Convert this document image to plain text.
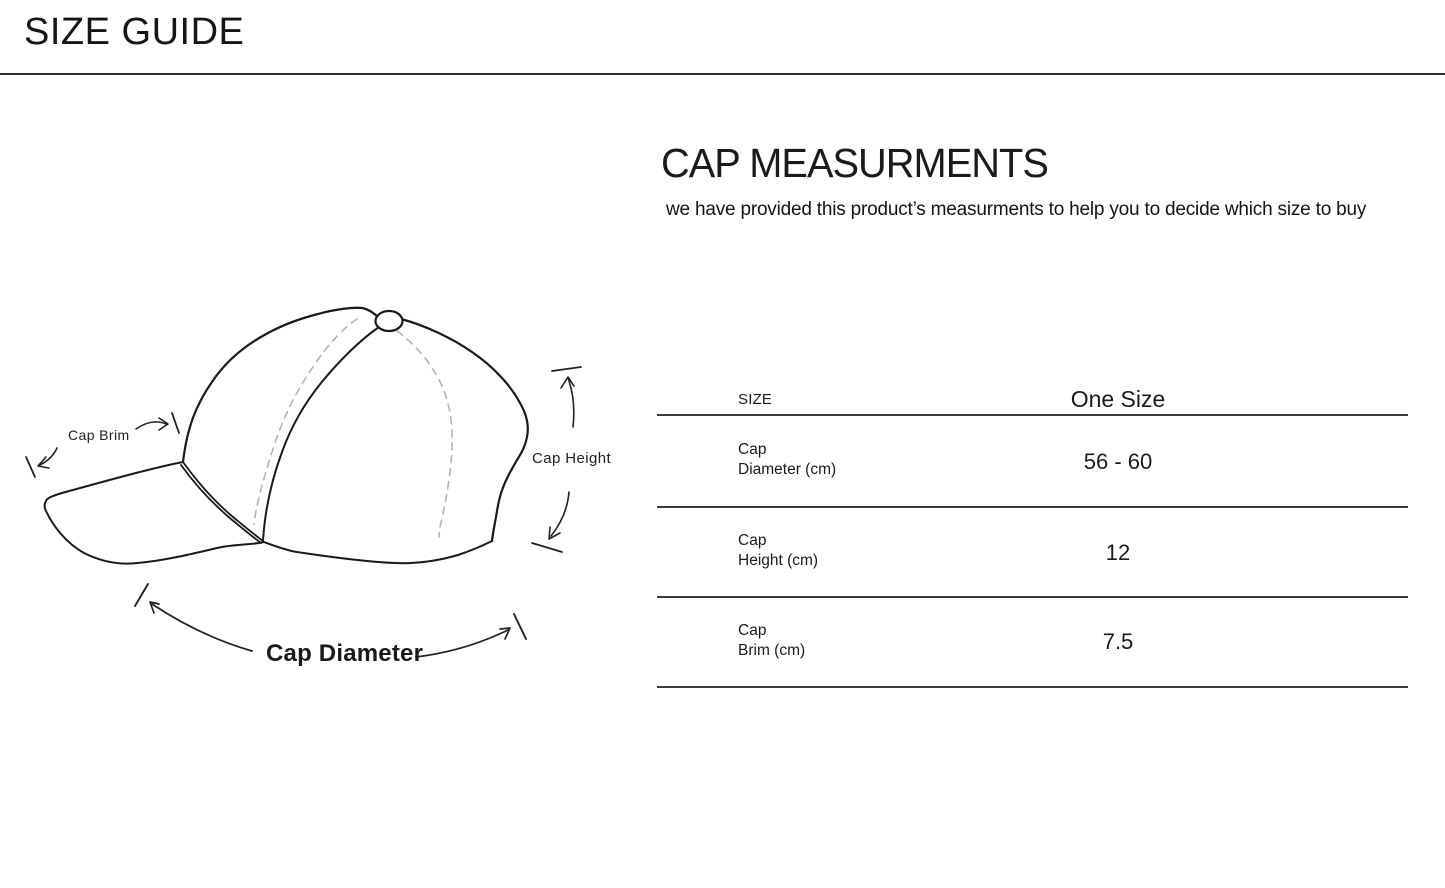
SIZE GUIDE
Cap Brim
Cap Height
Cap Diameter
CAP MEASURMENTS
we have provided this product’s measurments to help you to decide which size to buy
SIZE	One Size
Cap
Diameter (cm)	56 - 60
Cap
Height (cm)	12
Cap
Brim (cm)	7.5
